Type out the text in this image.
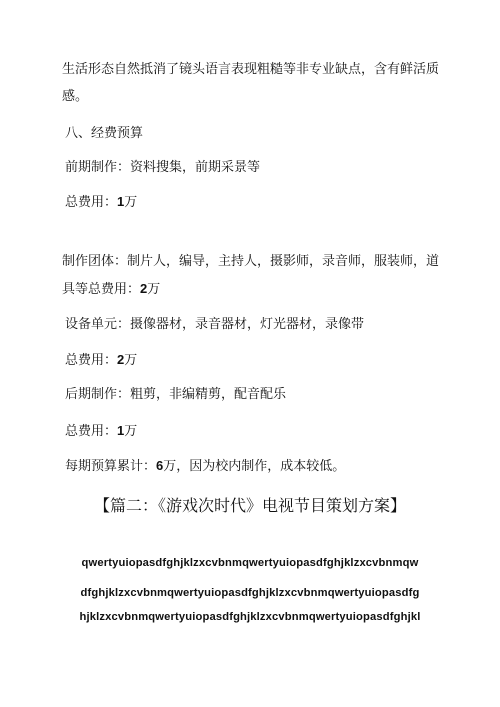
生活形态自然抵消了镜头语言表现粗糙等非专业缺点，含有鲜活质
感。
八、经费预算
前期制作：资料搜集，前期采景等
总费用：1万
制作团体：制片人，编导，主持人，摄影师，录音师，服装师，道
具等总费用：2万
设备单元：摄像器材，录音器材，灯光器材，录像带
总费用：2万
后期制作：粗剪，非编精剪，配音配乐
总费用：1万
每期预算累计：6万，因为校内制作，成本较低。
【篇二：《游戏次时代》电视节目策划方案】
qwertyuiopasdfghjklzxcvbnmqwertyuiopasdfghjklzxcvbnmqw
dfghjklzxcvbnmqwertyuiopasdfghjklzxcvbnmqwertyuiopasdfg
hjklzxcvbnmqwertyuiopasdfghjklzxcvbnmqwertyuiopasdfghjkl
